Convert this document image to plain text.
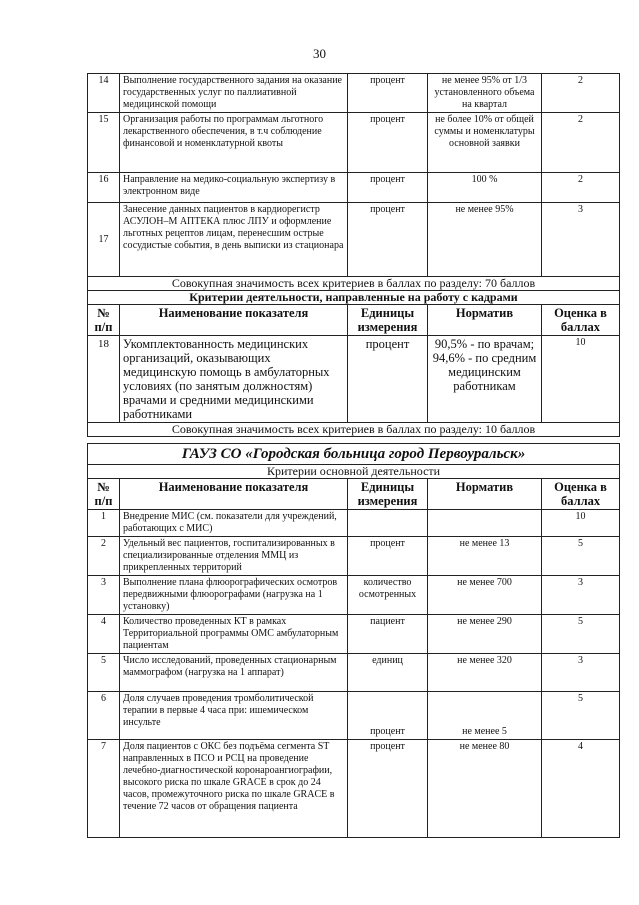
30
14	Выполнение государственного задания на оказание государственных услуг по паллиативной медицинской помощи	процент	не менее 95% от 1/3 установленного объема на квартал	2
15	Организация работы по программам льготного лекарственного обеспечения, в т.ч соблюдение финансовой и номенклатурной квоты	процент	не более 10% от общей суммы и номенклатуры основной заявки	2
16	Направление на медико-социальную экспертизу в электронном виде	процент	100 %	2
17	Занесение данных пациентов в кардиорегистр АСУЛОН–М АПТЕКА плюс ЛПУ и оформление льготных рецептов лицам, перенесшим острые сосудистые события, в день выписки из стационара	процент	не менее 95%	3
Совокупная значимость всех критериев в баллах по разделу: 70 баллов				
Критерии деятельности, направленные на работу с кадрами				
№ п/п	Наименование показателя	Единицы измерения	Норматив	Оценка в баллах
18	Укомплектованность медицинских организаций, оказывающих медицинскую помощь в амбулаторных условиях (по занятым должностям) врачами и средними медицинскими работниками	процент	90,5% - по врачам; 94,6% - по средним медицинским работникам	10
Совокупная значимость всех критериев в баллах по разделу: 10 баллов				
ГАУЗ СО «Городская больница город Первоуральск»				
Критерии основной деятельности				
№ п/п	Наименование показателя	Единицы измерения	Норматив	Оценка в баллах
1	Внедрение МИС (см. показатели для учреждений, работающих с МИС)			10
2	Удельный вес пациентов, госпитализированных в специализированные отделения ММЦ из прикрепленных территорий	процент	не менее 13	5
3	Выполнение плана флюорографических осмотров передвижными флюорографами (нагрузка на 1 установку)	количество осмотренных	не менее 700	3
4	Количество проведенных КТ в рамках Территориальной программы ОМС амбулаторным пациентам	пациент	не менее 290	5
5	Число исследований, проведенных стационарным маммографом (нагрузка на 1 аппарат)	единиц	не менее 320	3
6	Доля случаев проведения тромболитической терапии в первые 4 часа при: ишемическом инсульте	процент	не менее 5	5
7	Доля пациентов с ОКС без подъёма сегмента ST направленных в ПСО и РСЦ на проведение лечебно-диагностической коронароангиографии, высокого риска по шкале GRACE в срок до 24 часов, промежуточного риска по шкале GRACE в течение 72 часов от обращения пациента	процент	не менее 80	4
